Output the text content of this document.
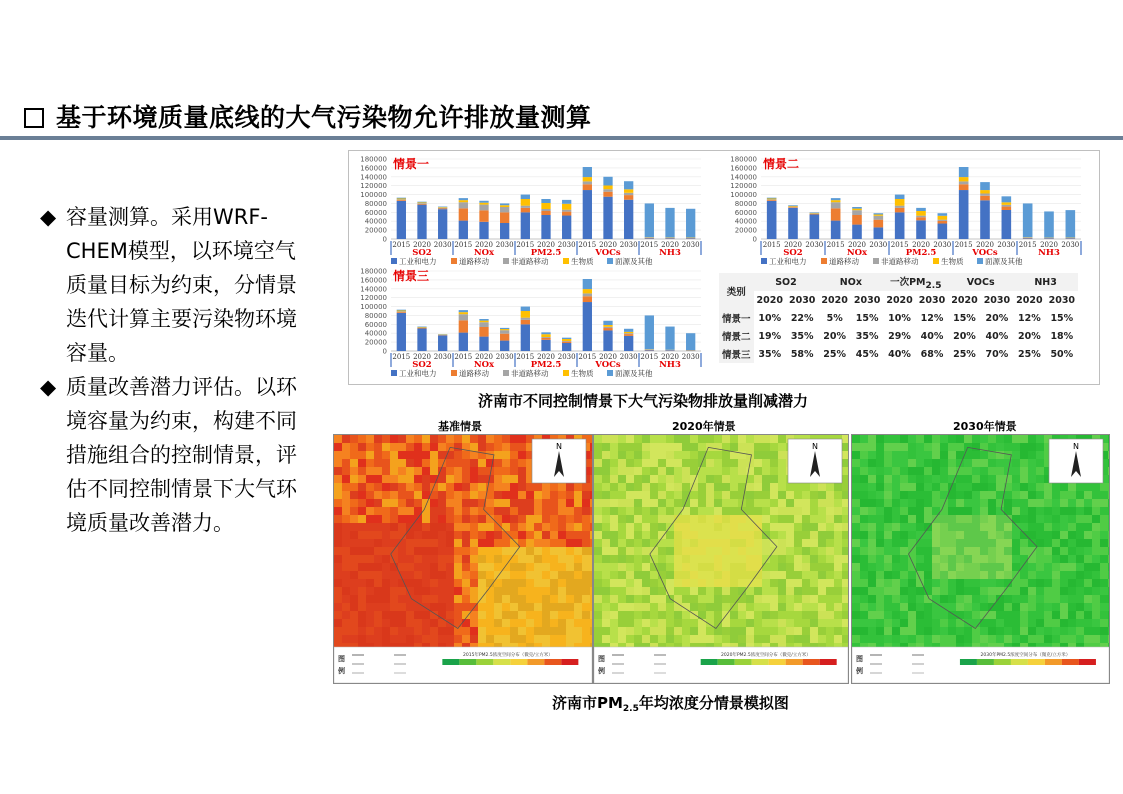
基于环境质量底线的大气污染物允许排放量测算
◆ 容量测算。采用WRF-CHEM模型，以环境空气质量目标为约束，分情景迭代计算主要污染物环境容量。
◆ 质量改善潜力评估。以环境容量为约束，构建不同措施组合的控制情景，评估不同控制情景下大气环境质量改善潜力。
180000
160000
140000
120000
100000
80000
60000
40000
20000
0
情景一
2015 2020 2030
SO2
2015 2020 2030
NOx
2015 2020 2030
PM2.5
2015 2020 2030
VOCs
2015 2020 2030
NH3
工业和电力	道路移动	非道路移动	生物质	面源及其他
180000
160000
140000
120000
100000
80000
60000
40000
20000
0
情景二
2015 2020 2030
SO2
2015 2020 2030
NOx
2015 2020 2030
PM2.5
2015 2020 2030
VOCs
2015 2020 2030
NH3
工业和电力	道路移动	非道路移动	生物质	面源及其他
180000
160000
140000
120000
100000
80000
60000
40000
20000
0
情景三
2015 2020 2030
SO2
2015 2020 2030
NOx
2015 2020 2030
PM2.5
2015 2020 2030
VOCs
2015 2020 2030
NH3
工业和电力	道路移动	非道路移动	生物质	面源及其他
类别	SO2		NOx		一次PM2.5		VOCs		NH3	
	2020	2030	2020	2030	2020	2030	2020	2030	2020	2030
情景一	10%	22%	5%	15%	10%	12%	15%	20%	12%	15%
情景二	19%	35%	20%	35%	29%	40%	20%	40%	20%	18%
情景三	35%	58%	25%	45%	40%	68%	25%	70%	25%	50%
济南市不同控制情景下大气污染物排放量削减潜力
基准情景	2020年情景	2030年情景
N
图
例
2015年PM2.5浓度空间分布（微克/立方米）
N
图
例
2020年PM2.5浓度空间分布（微克/立方米）
N
图
例
2030年PM2.5浓度空间分布（微克/立方米）
济南市$PM_{2.5}$年均浓度分情景模拟图
